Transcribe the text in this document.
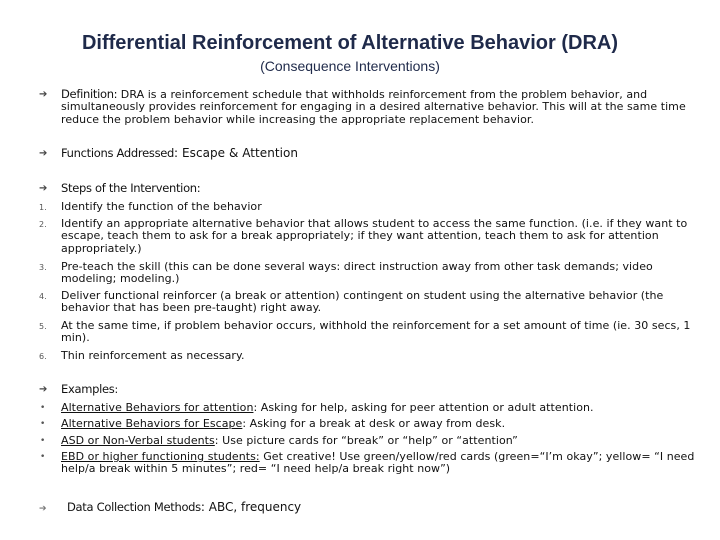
Differential Reinforcement of Alternative Behavior (DRA)
(Consequence Interventions)
➔ Definition: DRA is a reinforcement schedule that withholds reinforcement from the problem behavior, and simultaneously provides reinforcement for engaging in a desired alternative behavior. This will at the same time reduce the problem behavior while increasing the appropriate replacement behavior.
➔ Functions Addressed: Escape & Attention
➔ Steps of the Intervention:
1. Identify the function of the behavior
2. Identify an appropriate alternative behavior that allows student to access the same function. (i.e. if they want to escape, teach them to ask for a break appropriately; if they want attention, teach them to ask for attention appropriately.)
3. Pre-teach the skill (this can be done several ways: direct instruction away from other task demands; video modeling; modeling.)
4. Deliver functional reinforcer (a break or attention) contingent on student using the alternative behavior (the behavior that has been pre-taught) right away.
5. At the same time, if problem behavior occurs, withhold the reinforcement for a set amount of time (ie. 30 secs, 1 min).
6. Thin reinforcement as necessary.
➔ Examples:
• Alternative Behaviors for attention: Asking for help, asking for peer attention or adult attention.
• Alternative Behaviors for Escape: Asking for a break at desk or away from desk.
• ASD or Non-Verbal students: Use picture cards for “break” or “help” or “attention”
• EBD or higher functioning students: Get creative! Use green/yellow/red cards (green=“I’m okay”; yellow= “I need help/a break within 5 minutes”; red= “I need help/a break right now”)
➔ Data Collection Methods: ABC, frequency
